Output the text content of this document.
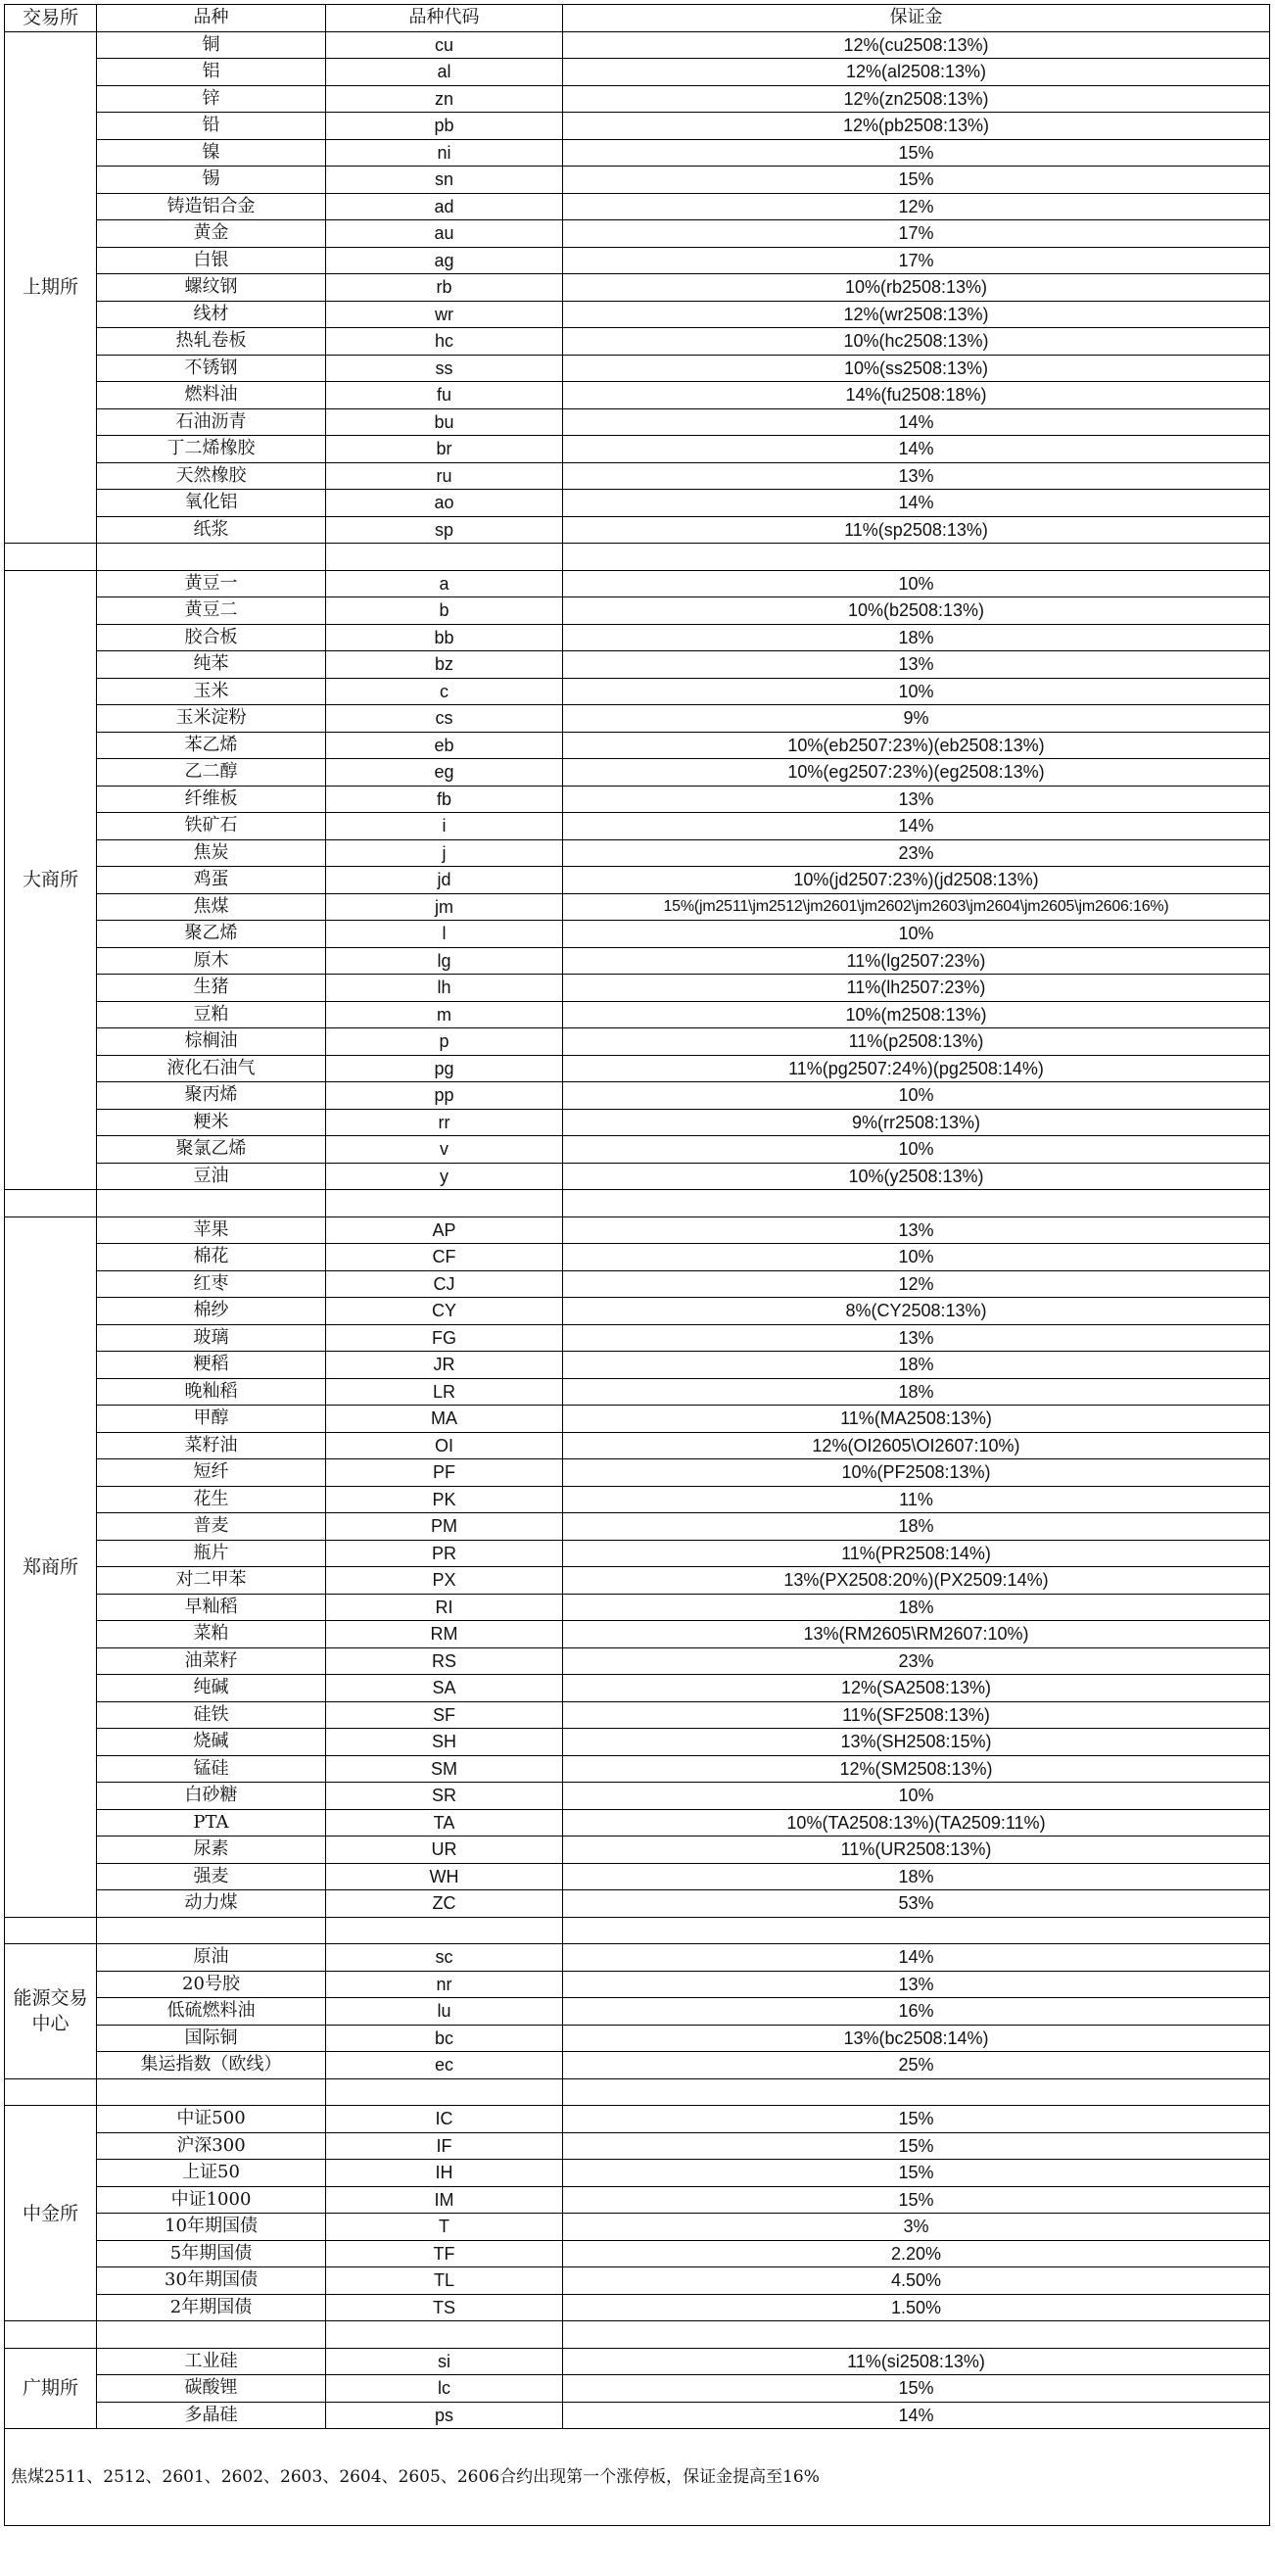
交易所	品种	品种代码	保证金
上期所	铜	cu	12%(cu2508:13%)
	铝	al	12%(al2508:13%)
	锌	zn	12%(zn2508:13%)
	铅	pb	12%(pb2508:13%)
	镍	ni	15%
	锡	sn	15%
	铸造铝合金	ad	12%
	黄金	au	17%
	白银	ag	17%
	螺纹钢	rb	10%(rb2508:13%)
	线材	wr	12%(wr2508:13%)
	热轧卷板	hc	10%(hc2508:13%)
	不锈钢	ss	10%(ss2508:13%)
	燃料油	fu	14%(fu2508:18%)
	石油沥青	bu	14%
	丁二烯橡胶	br	14%
	天然橡胶	ru	13%
	氧化铝	ao	14%
	纸浆	sp	11%(sp2508:13%)

大商所	黄豆一	a	10%
	黄豆二	b	10%(b2508:13%)
	胶合板	bb	18%
	纯苯	bz	13%
	玉米	c	10%
	玉米淀粉	cs	9%
	苯乙烯	eb	10%(eb2507:23%)(eb2508:13%)
	乙二醇	eg	10%(eg2507:23%)(eg2508:13%)
	纤维板	fb	13%
	铁矿石	i	14%
	焦炭	j	23%
	鸡蛋	jd	10%(jd2507:23%)(jd2508:13%)
	焦煤	jm	15%(jm2511\jm2512\jm2601\jm2602\jm2603\jm2604\jm2605\jm2606:16%)
	聚乙烯	l	10%
	原木	lg	11%(lg2507:23%)
	生猪	lh	11%(lh2507:23%)
	豆粕	m	10%(m2508:13%)
	棕榈油	p	11%(p2508:13%)
	液化石油气	pg	11%(pg2507:24%)(pg2508:14%)
	聚丙烯	pp	10%
	粳米	rr	9%(rr2508:13%)
	聚氯乙烯	v	10%
	豆油	y	10%(y2508:13%)

郑商所	苹果	AP	13%
	棉花	CF	10%
	红枣	CJ	12%
	棉纱	CY	8%(CY2508:13%)
	玻璃	FG	13%
	粳稻	JR	18%
	晚籼稻	LR	18%
	甲醇	MA	11%(MA2508:13%)
	菜籽油	OI	12%(OI2605\OI2607:10%)
	短纤	PF	10%(PF2508:13%)
	花生	PK	11%
	普麦	PM	18%
	瓶片	PR	11%(PR2508:14%)
	对二甲苯	PX	13%(PX2508:20%)(PX2509:14%)
	早籼稻	RI	18%
	菜粕	RM	13%(RM2605\RM2607:10%)
	油菜籽	RS	23%
	纯碱	SA	12%(SA2508:13%)
	硅铁	SF	11%(SF2508:13%)
	烧碱	SH	13%(SH2508:15%)
	锰硅	SM	12%(SM2508:13%)
	白砂糖	SR	10%
	PTA	TA	10%(TA2508:13%)(TA2509:11%)
	尿素	UR	11%(UR2508:13%)
	强麦	WH	18%
	动力煤	ZC	53%

能源交易中心	原油	sc	14%
	20号胶	nr	13%
	低硫燃料油	lu	16%
	国际铜	bc	13%(bc2508:14%)
	集运指数（欧线）	ec	25%

中金所	中证500	IC	15%
	沪深300	IF	15%
	上证50	IH	15%
	中证1000	IM	15%
	10年期国债	T	3%
	5年期国债	TF	2.20%
	30年期国债	TL	4.50%
	2年期国债	TS	1.50%

广期所	工业硅	si	11%(si2508:13%)
	碳酸锂	lc	15%
	多晶硅	ps	14%
焦煤2511、2512、2601、2602、2603、2604、2605、2606合约出现第一个涨停板，保证金提高至16%			
